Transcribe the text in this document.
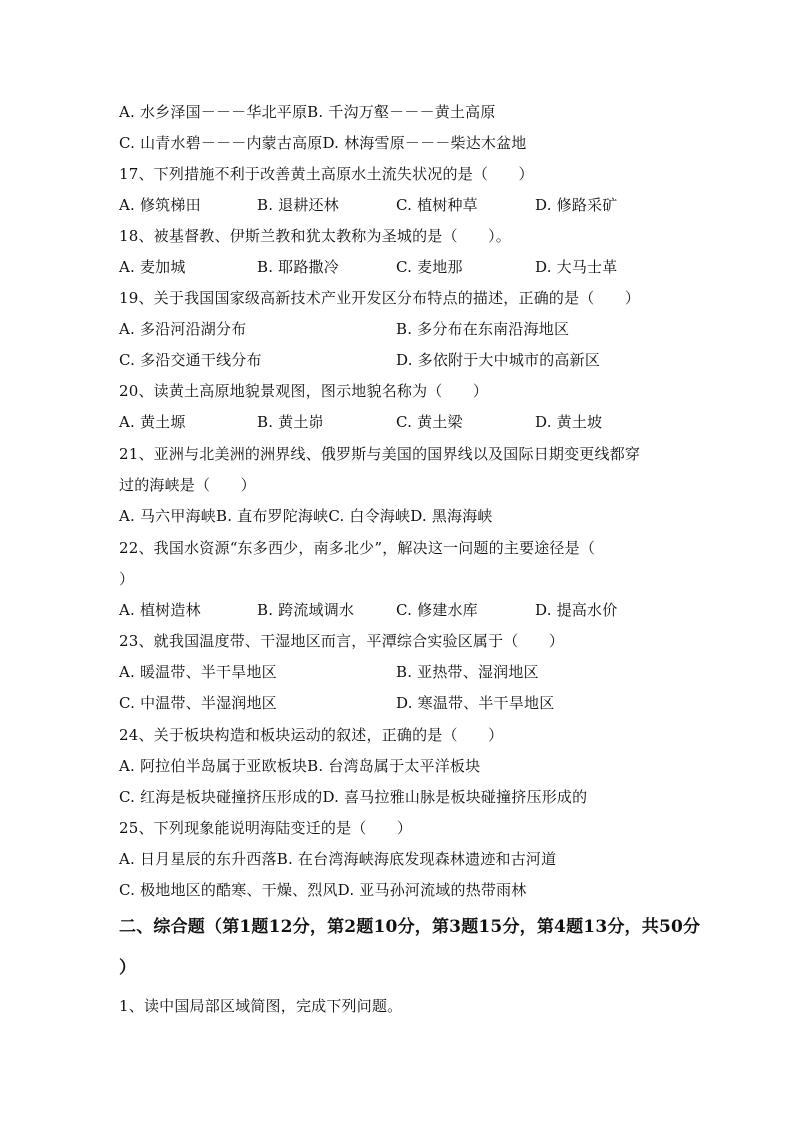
A. 水乡泽国－－－华北平原B. 千沟万壑－－－黄土高原
C. 山青水碧－－－内蒙古高原D. 林海雪原－－－柴达木盆地
17、下列措施不利于改善黄土高原水土流失状况的是（　　）
A. 修筑梯田	B. 退耕还林	C. 植树种草	D. 修路采矿
18、被基督教、伊斯兰教和犹太教称为圣城的是（　　）。
A. 麦加城	B. 耶路撒冷	C. 麦地那	D. 大马士革
19、关于我国国家级高新技术产业开发区分布特点的描述，正确的是（　　）
A. 多沿河沿湖分布	B. 多分布在东南沿海地区
C. 多沿交通干线分布	D. 多依附于大中城市的高新区
20、读黄土高原地貌景观图，图示地貌名称为（　　）
A. 黄土塬	B. 黄土峁	C. 黄土梁	D. 黄土坡
21、亚洲与北美洲的洲界线、俄罗斯与美国的国界线以及国际日期变更线都穿
过的海峡是（　　）
A. 马六甲海峡B. 直布罗陀海峡C. 白令海峡D. 黑海海峡
22、我国水资源“东多西少，南多北少”，解决这一问题的主要途径是（
）
A. 植树造林	B. 跨流域调水	C. 修建水库	D. 提高水价
23、就我国温度带、干湿地区而言，平潭综合实验区属于（　　）
A. 暖温带、半干旱地区	B. 亚热带、湿润地区
C. 中温带、半湿润地区	D. 寒温带、半干旱地区
24、关于板块构造和板块运动的叙述，正确的是（　　）
A. 阿拉伯半岛属于亚欧板块B. 台湾岛属于太平洋板块
C. 红海是板块碰撞挤压形成的D. 喜马拉雅山脉是板块碰撞挤压形成的
25、下列现象能说明海陆变迁的是（　　）
A. 日月星辰的东升西落B. 在台湾海峡海底发现森林遗迹和古河道
C. 极地地区的酷寒、干燥、烈风D. 亚马孙河流域的热带雨林
二、综合题（第1题12分，第2题10分，第3题15分，第4题13分，共50分
）
1、读中国局部区域简图，完成下列问题。
